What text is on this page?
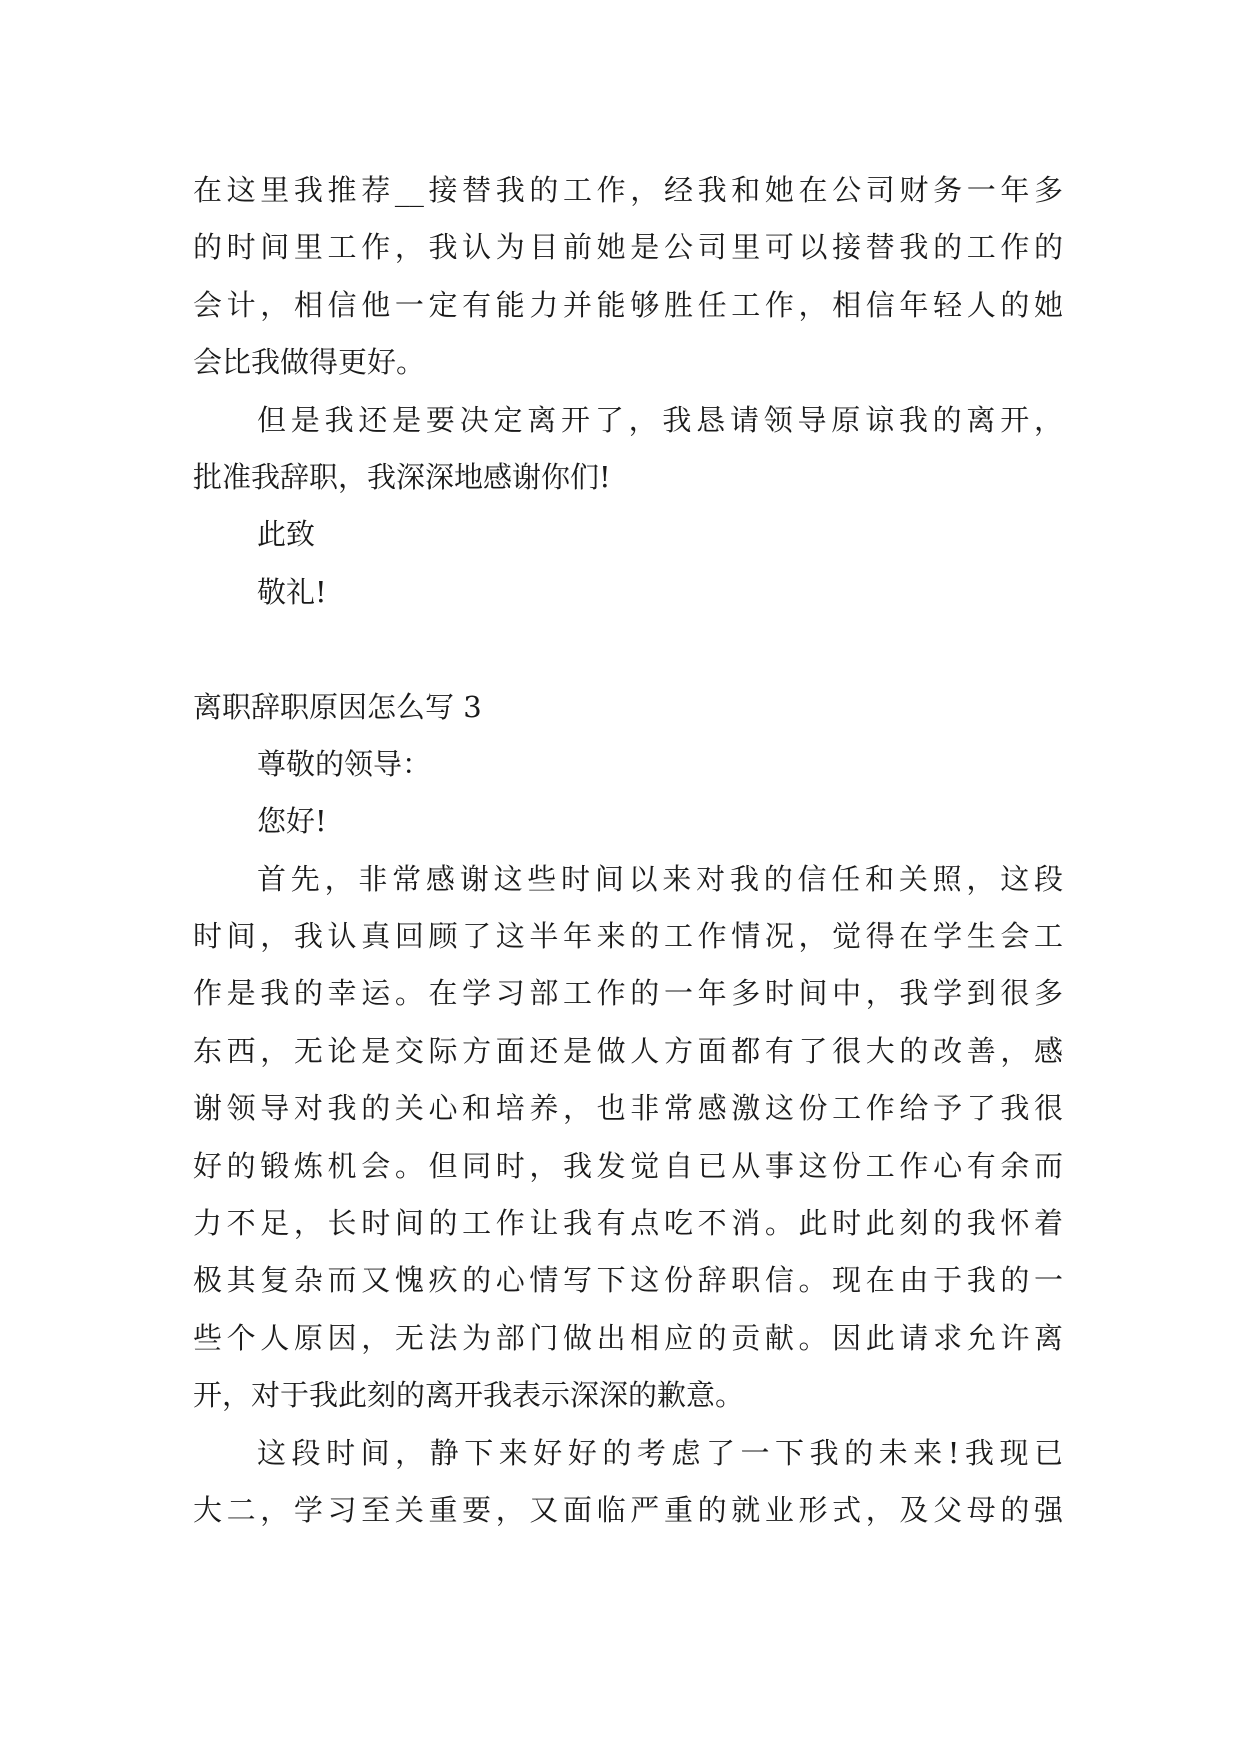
在这里我推荐__接替我的工作，经我和她在公司财务一年多
的时间里工作，我认为目前她是公司里可以接替我的工作的
会计，相信他一定有能力并能够胜任工作，相信年轻人的她
会比我做得更好。
但是我还是要决定离开了，我恳请领导原谅我的离开，
批准我辞职，我深深地感谢你们!
此致
敬礼!
离职辞职原因怎么写 3
尊敬的领导：
您好!
首先，非常感谢这些时间以来对我的信任和关照，这段
时间，我认真回顾了这半年来的工作情况，觉得在学生会工
作是我的幸运。在学习部工作的一年多时间中，我学到很多
东西，无论是交际方面还是做人方面都有了很大的改善，感
谢领导对我的关心和培养，也非常感激这份工作给予了我很
好的锻炼机会。但同时，我发觉自已从事这份工作心有余而
力不足，长时间的工作让我有点吃不消。此时此刻的我怀着
极其复杂而又愧疚的心情写下这份辞职信。现在由于我的一
些个人原因，无法为部门做出相应的贡献。因此请求允许离
开，对于我此刻的离开我表示深深的歉意。
这段时间，静下来好好的考虑了一下我的未来!我现已
大二，学习至关重要，又面临严重的就业形式，及父母的强
